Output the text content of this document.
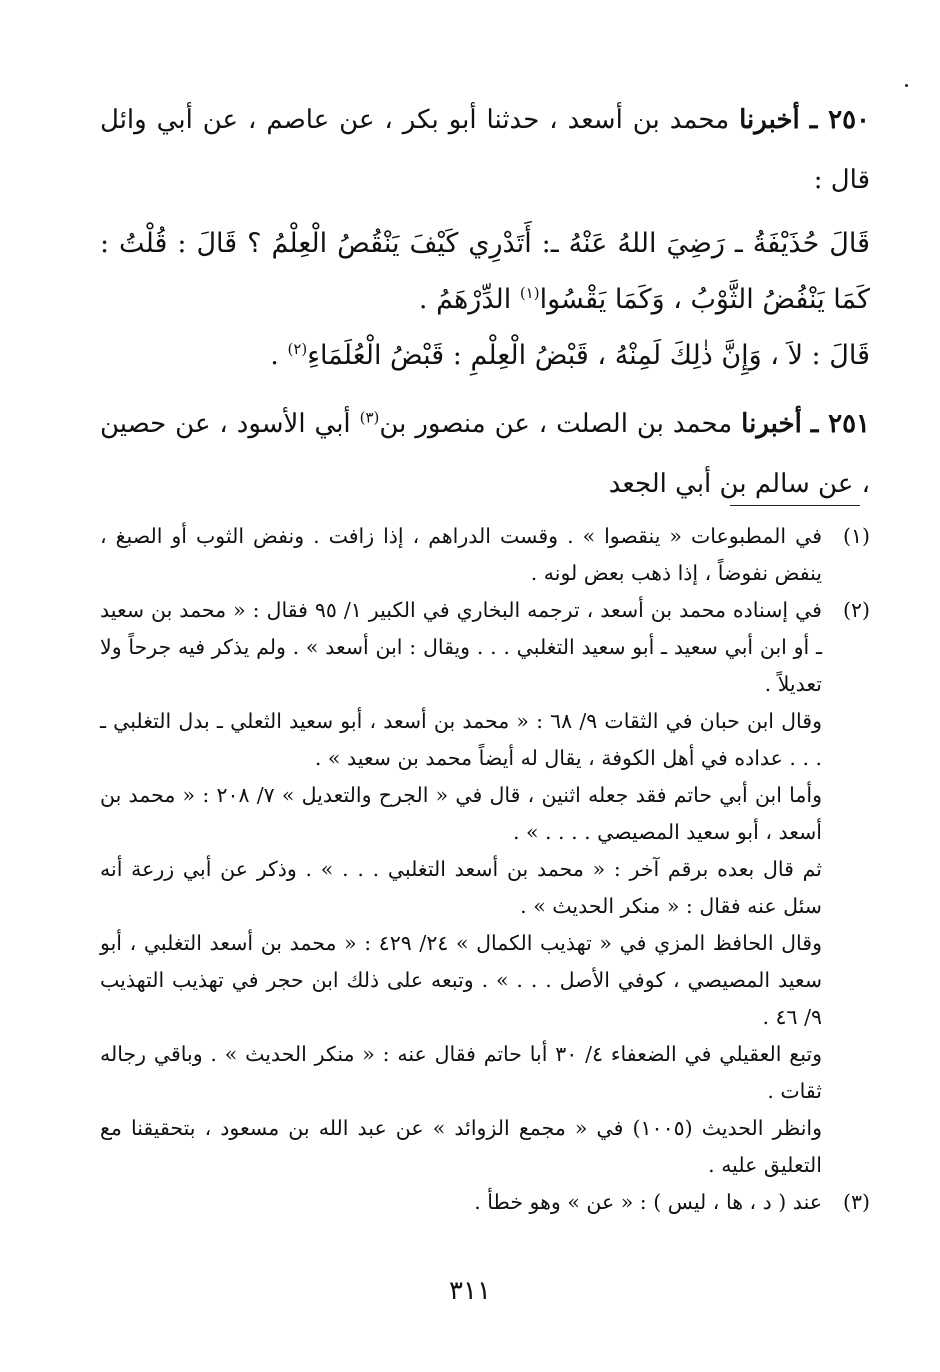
٢٥٠ ـ أخبرنا محمد بن أسعد ، حدثنا أبو بكر ، عن عاصم ، عن أبي وائل قال :

قَالَ حُذَيْفَةُ ـ رَضِيَ اللهُ عَنْهُ ـ: أَتَدْرِي كَيْفَ يَنْقُصُ الْعِلْمُ ؟ قَالَ : قُلْتُ : كَمَا يَنْفُضُ الثَّوْبُ ، وَكَمَا يَقْسُوا$^{(١)}$ الدِّرْهَمُ .

قَالَ : لاَ ، وَإِنَّ ذٰلِكَ لَمِنْهُ ، قَبْضُ الْعِلْمِ : قَبْضُ الْعُلَمَاءِ$^{(٢)}$ .

٢٥١ ـ أخبرنا محمد بن الصلت ، عن منصور بن$^{(٣)}$ أبي الأسود ، عن حصين ، عن سالم بن أبي الجعد

(١)

في المطبوعات « ينقصوا » . وقست الدراهم ، إذا زافت . ونفض الثوب أو الصبغ ، ينفض نفوضاً ، إذا ذهب بعض لونه .

(٢)

في إسناده محمد بن أسعد ، ترجمه البخاري في الكبير ١/ ٩٥ فقال : « محمد بن سعيد ـ أو ابن أبي سعيد ـ أبو سعيد التغلبي . . . ويقال : ابن أسعد » . ولم يذكر فيه جرحاً ولا تعديلاً .

وقال ابن حبان في الثقات ٩/ ٦٨ : « محمد بن أسعد ، أبو سعيد الثعلي ـ بدل التغلبي ـ . . . عداده في أهل الكوفة ، يقال له أيضاً محمد بن سعيد » .

وأما ابن أبي حاتم فقد جعله اثنين ، قال في « الجرح والتعديل » ٧/ ٢٠٨ : « محمد بن أسعد ، أبو سعيد المصيصي . . . . » .

ثم قال بعده برقم آخر : « محمد بن أسعد التغلبي . . . » . وذكر عن أبي زرعة أنه سئل عنه فقال : « منكر الحديث » .

وقال الحافظ المزي في « تهذيب الكمال » ٢٤/ ٤٢٩ : « محمد بن أسعد التغلبي ، أبو سعيد المصيصي ، كوفي الأصل . . . » . وتبعه على ذلك ابن حجر في تهذيب التهذيب ٩/ ٤٦ .

وتبع العقيلي في الضعفاء ٤/ ٣٠ أبا حاتم فقال عنه : « منكر الحديث » . وباقي رجاله ثقات .

وانظر الحديث (١٠٠٥) في « مجمع الزوائد » عن عبد الله بن مسعود ، بتحقيقنا مع التعليق عليه .

(٣)

عند ( د ، ها ، ليس ) : « عن » وهو خطأ .

٣١١
